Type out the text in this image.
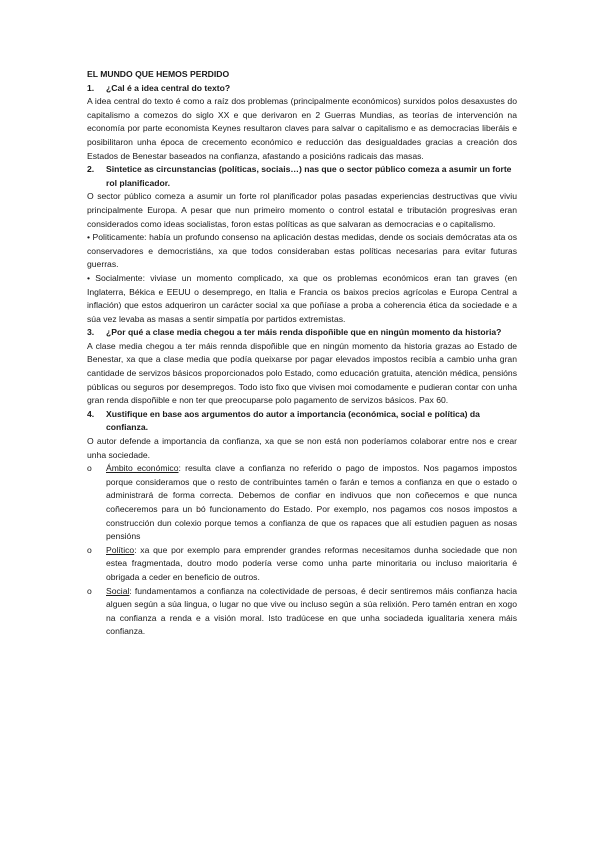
EL MUNDO QUE HEMOS PERDIDO

1.	¿Cal é a idea central do texto?

A idea central do texto é como a raíz dos problemas (principalmente económicos) surxidos polos desaxustes do capitalismo a comezos do siglo XX e que derivaron en 2 Guerras Mundias, as teorías de intervención na economía por parte economista Keynes resultaron claves para salvar o capitalismo e as democracias liberáis e posibilitaron unha época de crecemento económico e reducción das desigualdades gracias a creación dos Estados de Benestar baseados na confianza, afastando a posicións radicais das masas.

2.	Sintetice as circunstancias (políticas, sociais…) nas que o sector público comeza a asumir un forte rol planificador.

O sector público comeza a asumir un forte rol planificador polas pasadas experiencias destructivas que viviu principalmente Europa. A pesar que nun primeiro momento o control estatal e tributación progresivas eran considerados como ideas socialistas, foron estas políticas as que salvaran as democracias e o capitalismo.

• Politicamente: había un profundo consenso na aplicación destas medidas, dende os sociais demócratas ata os conservadores e democristiáns, xa que todos consideraban estas políticas necesarias para evitar futuras guerras.

• Socialmente: viviase un momento complicado, xa que os problemas económicos eran tan graves (en Inglaterra, Békica e EEUU o desemprego, en Italia e Francia os baixos precios agrícolas e Europa Central a inflación) que estos adqueriron un carácter social xa que poñíase a proba a coherencia ética da sociedade e a súa vez levaba as masas a sentir simpatía por partidos extremistas.

3.	¿Por qué a clase media chegou a ter máis renda dispoñible que en ningún momento da historia?

A clase media chegou a ter máis rennda dispoñible que en ningún momento da historia grazas ao Estado de Benestar, xa que a clase media que podía queixarse por pagar elevados impostos recibía a cambio unha gran cantidade de servizos básicos proporcionados polo Estado, como educación gratuita, atención médica, pensións públicas ou seguros por desempregos. Todo isto fixo que vivisen moi comodamente e pudieran contar con unha gran renda dispoñible e non ter que preocuparse polo pagamento de servizos básicos. Pax 60.

4.	Xustifique en base aos argumentos do autor a importancia (económica, social e política) da confianza.

O autor defende a importancia da confianza, xa que se non está non poderíamos colaborar entre nos e crear unha sociedade.

o	Ámbito económico: resulta clave a confianza no referido o pago de impostos. Nos pagamos impostos porque consideramos que o resto de contribuintes tamén o farán e temos a confianza en que o estado o administrará de forma correcta. Debemos de confiar en indivuos que non coñecemos e que nunca coñeceremos para un bó funcionamento do Estado. Por exemplo, nos pagamos cos nosos impostos a construcción dun colexio porque temos a confianza de que os rapaces que alí estudien paguen as nosas pensións
o	Político: xa que por exemplo para emprender grandes reformas necesitamos dunha sociedade que non estea fragmentada, doutro modo podería verse como unha parte minoritaria ou incluso maioritaria é obrigada a ceder en beneficio de outros.
o	Social: fundamentamos a confianza na colectividade de persoas, é decir sentiremos máis confianza hacia alguen según a súa lingua, o lugar no que vive ou incluso según a súa relixión. Pero tamén entran en xogo na confianza a renda e a visión moral. Isto tradúcese en que unha sociadeda igualitaria xenera máis confianza.
